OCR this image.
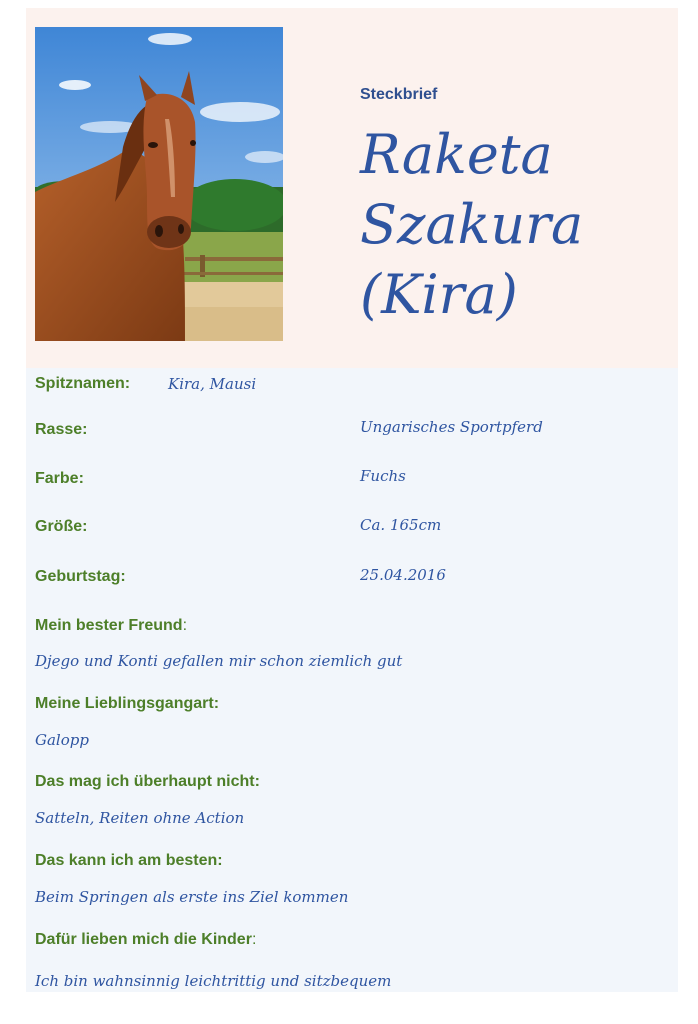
Steckbrief
Raketa
Szakura
(Kira)
Spitznamen:	Kira, Mausi
Rasse:	Ungarisches Sportpferd
Farbe:	Fuchs
Größe:	Ca. 165cm
Geburtstag:	25.04.2016
Mein bester Freund:
Djego und Konti gefallen mir schon ziemlich gut
Meine Lieblingsgangart:
Galopp
Das mag ich überhaupt nicht:
Satteln, Reiten ohne Action
Das kann ich am besten:
Beim Springen als erste ins Ziel kommen
Dafür lieben mich die Kinder:
Ich bin wahnsinnig leichtrittig und sitzbequem
